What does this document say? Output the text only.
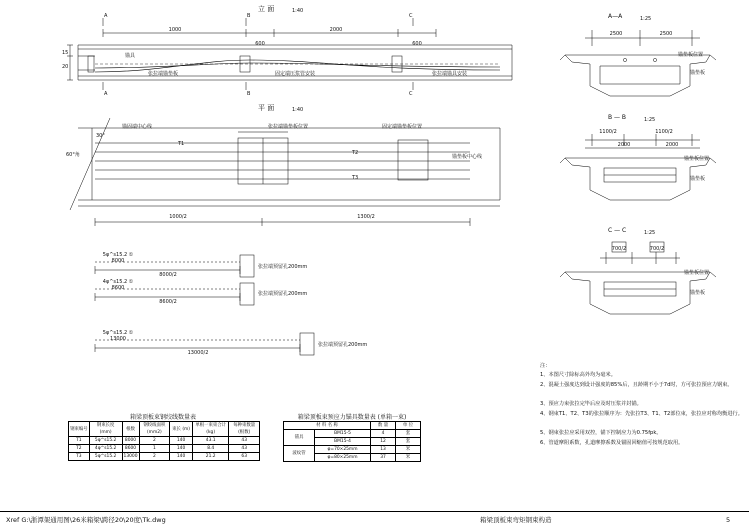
立 面	1:40
A
A
B
B
C
C
1000
600
2000
600
15
20
锚具
张拉端锚垫板	固定端压浆管安装	张拉端锚具安装
平 面	1:40
锚固端中心线	张拉端锚垫板位置	固定端锚垫板位置
锚垫板中心线
30°
60°角
T1
T2
T3
1000/2	1300/2
5φ^s15.2 ①
8000
8000/2
张拉端预留孔200mm
4φ^s15.2 ①
8600
8600/2
张拉端预留孔200mm
5φ^s15.2 ①
13000
13000/2
张拉端预留孔200mm
箱梁顶板束钢绞线数量表
钢束编号	钢束长度 (mm)	根数	钢绞线面积 (mm2)	束长 (m)	单根一束束合计 (kg)	每种束数量 (根数)
T1	5φ^s15.2	8000	2	140	43.1	43
T2	4φ^s15.2	8600	1	140	8.4	43
T3	5φ^s15.2	13000	2	140	21.2	63
箱梁顶板束预应力锚具数量表 (单箱一束)
材 料 名 称		数 量	单 位
锚具	BM15-5	4	套
	BM15-4	12	套
波纹管	φ=70×25mm	13	米
	φ=80×25mm	37	米
A—A	1:25
2500	2500
锚垫板位置
锚垫板
B — B	1:25
1100/2	1100/2
2000	2000
锚垫板位置
锚垫板
C — C	1:25
700/2	700/2
锚垫板位置
锚垫板
注：
1、本图尺寸除标高外均为毫米。
2、混凝土强度达到设计强度的85%后，且龄期不小于7d时，方可张拉预应力钢束。
3、预应力束张拉完毕后应及时压浆并封锚。
4、钢束T1、T2、T3的张拉顺序为：先张拉T3、T1、T2部位束，张拉应对称均衡进行。
5、钢束张拉应采用双控，锚下控制应力为0.75fpk。
6、管道摩阻系数，孔道摩擦系数及锚固回缩值可按规范取用。
Xref G:\浙潭架通用图\26米箱梁\跨径20\20度\Tk.dwg	箱梁顶板束弯矩钢束构造	5
